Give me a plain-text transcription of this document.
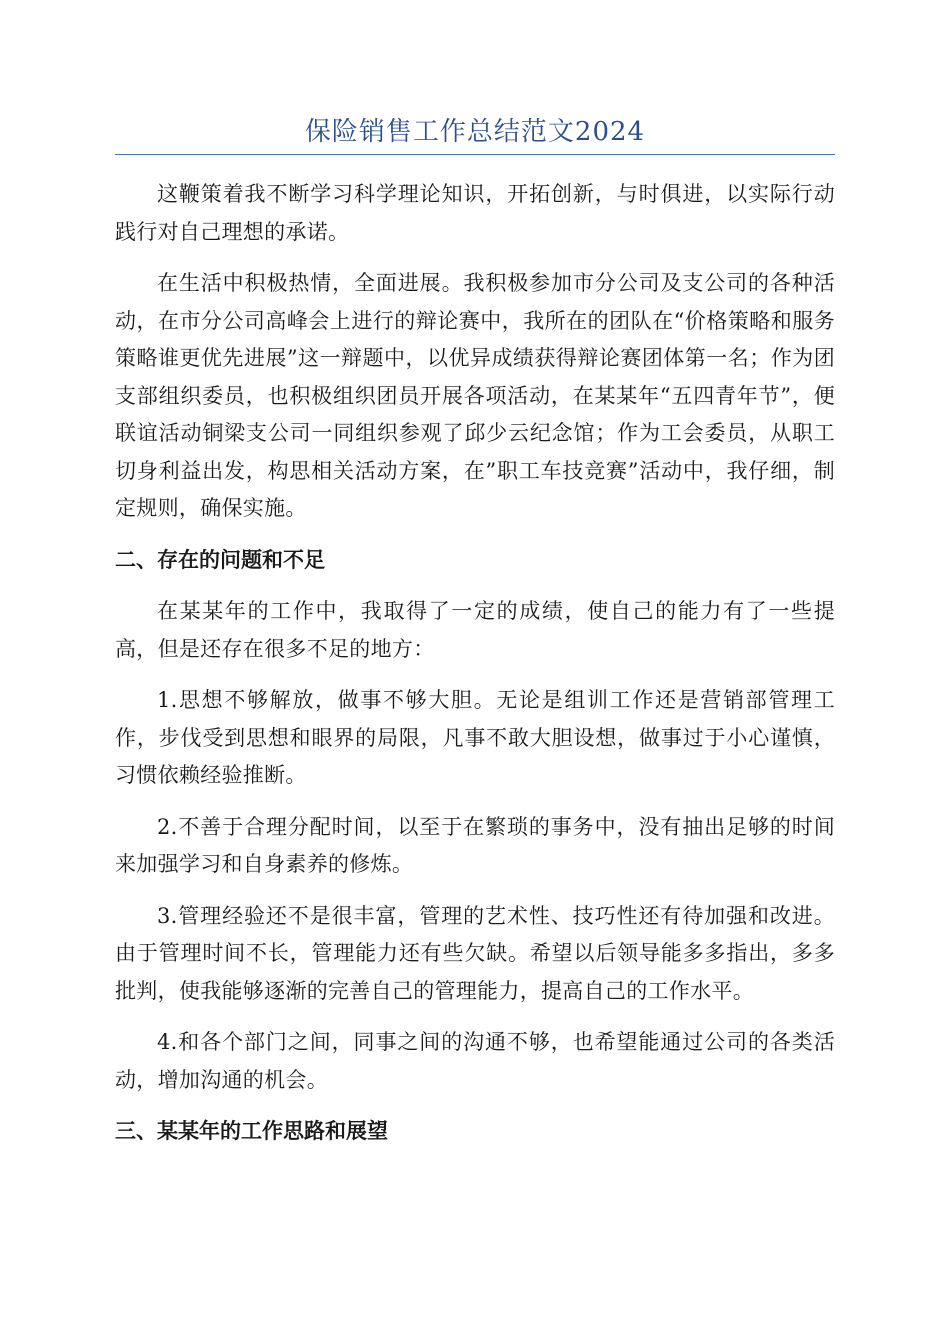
保险销售工作总结范文2024

这鞭策着我不断学习科学理论知识，开拓创新，与时俱进，以实际行动践行对自己理想的承诺。

在生活中积极热情，全面进展。我积极参加市分公司及支公司的各种活动，在市分公司高峰会上进行的辩论赛中，我所在的团队在“价格策略和服务策略谁更优先进展”这一辩题中，以优异成绩获得辩论赛团体第一名；作为团支部组织委员，也积极组织团员开展各项活动，在某某年“五四青年节”，便联谊活动铜梁支公司一同组织参观了邱少云纪念馆；作为工会委员，从职工切身利益出发，构思相关活动方案，在”职工车技竞赛”活动中，我仔细，制定规则，确保实施。

二、存在的问题和不足

在某某年的工作中，我取得了一定的成绩，使自己的能力有了一些提高，但是还存在很多不足的地方：

1.思想不够解放，做事不够大胆。无论是组训工作还是营销部管理工作，步伐受到思想和眼界的局限，凡事不敢大胆设想，做事过于小心谨慎，习惯依赖经验推断。

2.不善于合理分配时间，以至于在繁琐的事务中，没有抽出足够的时间来加强学习和自身素养的修炼。

3.管理经验还不是很丰富，管理的艺术性、技巧性还有待加强和改进。由于管理时间不长，管理能力还有些欠缺。希望以后领导能多多指出，多多批判，使我能够逐渐的完善自己的管理能力，提高自己的工作水平。

4.和各个部门之间，同事之间的沟通不够，也希望能通过公司的各类活动，增加沟通的机会。

三、某某年的工作思路和展望
